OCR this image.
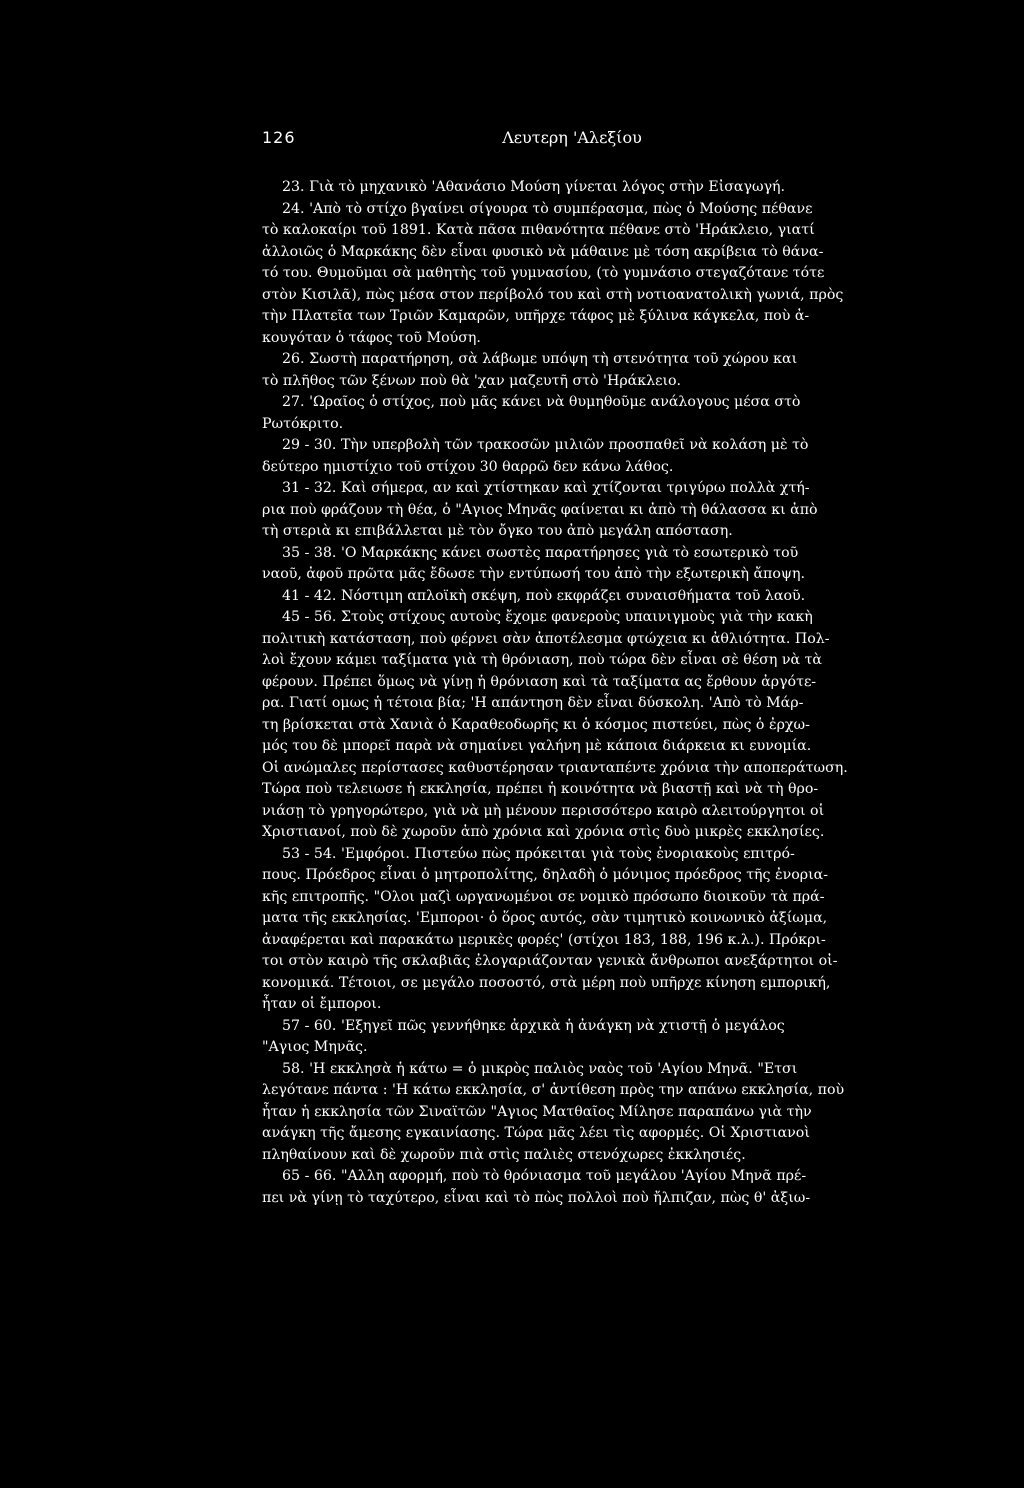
126	Λευτερη 'Αλεξίου
23. Γιὰ τὸ μηχανικὸ 'Αθανάσιο Μούση γίνεται λόγος στὴν Εἰσαγωγή.
24. 'Απὸ τὸ στίχο βγαίνει σίγουρα τὸ συμπέρασμα, πὼς ὁ Μούσης πέθανε
τὸ καλοκαίρι τοῦ 1891. Κατὰ πᾶσα πιθανότητα πέθανε στὸ 'Ηράκλειο, γιατί
ἀλλοιῶς ὁ Μαρκάκης δὲν εἶναι φυσικὸ νὰ μάθαινε μὲ τόση ακρίβεια τὸ θάνα-
τό του. Θυμοῦμαι σὰ μαθητὴς τοῦ γυμνασίου, (τὸ γυμνάσιο στεγαζότανε τότε
στὸν Κισιλᾶ), πὼς μέσα στον περίβολό του καὶ στὴ νοτιοανατολικὴ γωνιά, πρὸς
τὴν Πλατεῖα των Τριῶν Καμαρῶν, υπῆρχε τάφος μὲ ξύλινα κάγκελα, ποὺ ἀ-
κουγόταν ὁ τάφος τοῦ Μούση.
26. Σωστὴ παρατήρηση, σὰ λάβωμε υπόψη τὴ στενότητα τοῦ χώρου και
τὸ πλῆθος τῶν ξένων ποὺ θὰ 'χαν μαζευτῆ στὸ 'Ηράκλειο.
27. 'Ωραῖος ὁ στίχος, ποὺ μᾶς κάνει νὰ θυμηθοῦμε ανάλογους μέσα στὸ
Ρωτόκριτο.
29 - 30. Τὴν υπερβολὴ τῶν τρακοσῶν μιλιῶν προσπαθεῖ νὰ κολάση μὲ τὸ
δεύτερο ημιστίχιο τοῦ στίχου 30 θαρρῶ δεν κάνω λάθος.
31 - 32. Καὶ σήμερα, αν καὶ χτίστηκαν καὶ χτίζονται τριγύρω πολλὰ χτή-
ρια ποὺ φράζουν τὴ θέα, ὁ "Αγιος Μηνᾶς φαίνεται κι ἀπὸ τὴ θάλασσα κι ἀπὸ
τὴ στεριὰ κι επιβάλλεται μὲ τὸν ὄγκο του ἀπὸ μεγάλη απόσταση.
35 - 38. 'Ο Μαρκάκης κάνει σωστὲς παρατήρησες γιὰ τὸ εσωτερικὸ τοῦ
ναοῦ, ἀφοῦ πρῶτα μᾶς ἔδωσε τὴν εντύπωσή του ἀπὸ τὴν εξωτερικὴ ἄποψη.
41 - 42. Νόστιμη απλοϊκὴ σκέψη, ποὺ εκφράζει συναισθήματα τοῦ λαοῦ.
45 - 56. Στοὺς στίχους αυτοὺς ἔχομε φανεροὺς υπαινιγμοὺς γιὰ τὴν κακὴ
πολιτικὴ κατάσταση, ποὺ φέρνει σὰν ἀποτέλεσμα φτώχεια κι ἀθλιότητα. Πολ-
λοὶ ἔχουν κάμει ταξίματα γιὰ τὴ θρόνιαση, ποὺ τώρα δὲν εἶναι σὲ θέση νὰ τὰ
φέρουν. Πρέπει ὅμως νὰ γίνῃ ἡ θρόνιαση καὶ τὰ ταξίματα ας ἔρθουν ἀργότε-
ρα. Γιατί ομως ἡ τέτοια βία; 'Η απάντηση δὲν εἶναι δύσκολη. 'Απὸ τὸ Μάρ-
τη βρίσκεται στὰ Χανιὰ ὁ Καραθεοδωρῆς κι ὁ κόσμος πιστεύει, πὼς ὁ ἐρχω-
μός του δὲ μπορεῖ παρὰ νὰ σημαίνει γαλήνη μὲ κάποια διάρκεια κι ευνομία.
Οἱ ανώμαλες περίστασες καθυστέρησαν τριανταπέντε χρόνια τὴν αποπεράτωση.
Τώρα ποὺ τελειωσε ἡ εκκλησία, πρέπει ἡ κοινότητα νὰ βιαστῇ καὶ νὰ τὴ θρο-
νιάσῃ τὸ γρηγορώτερο, γιὰ νὰ μὴ μένουν περισσότερο καιρὸ αλειτούργητοι οἱ
Χριστιανοί, ποὺ δὲ χωροῦν ἀπὸ χρόνια καὶ χρόνια στὶς δυὸ μικρὲς εκκλησίες.
53 - 54. 'Εμφόροι. Πιστεύω πὼς πρόκειται γιὰ τοὺς ἐνοριακοὺς επιτρό-
πους. Πρόεδρος εἶναι ὁ μητροπολίτης, δηλαδὴ ὁ μόνιμος πρόεδρος τῆς ἐνορια-
κῆς επιτροπῆς. "Ολοι μαζὶ ωργανωμένοι σε νομικὸ πρόσωπο διοικοῦν τὰ πρά-
ματα τῆς εκκλησίας. 'Εμποροι· ὁ ὅρος αυτός, σὰν τιμητικὸ κοινωνικὸ ἀξίωμα,
ἀναφέρεται καὶ παρακάτω μερικὲς φορές' (στίχοι 183, 188, 196 κ.λ.). Πρόκρι-
τοι στὸν καιρὸ τῆς σκλαβιᾶς ἐλογαριάζονταν γενικὰ ἄνθρωποι ανεξάρτητοι οἰ-
κονομικά. Τέτοιοι, σε μεγάλο ποσοστό, στὰ μέρη ποὺ υπῆρχε κίνηση εμπορική,
ἦταν οἱ ἔμποροι.
57 - 60. 'Εξηγεῖ πῶς γεννήθηκε ἀρχικὰ ἡ ἀνάγκη νὰ χτιστῇ ὁ μεγάλος
"Αγιος Μηνᾶς.
58. 'Η εκκλησὰ ἡ κάτω = ὁ μικρὸς παλιὸς ναὸς τοῦ 'Αγίου Μηνᾶ. "Ετσι
λεγότανε πάντα : 'Η κάτω εκκλησία, σ' ἀντίθεση πρὸς την απάνω εκκλησία, ποὺ
ἦταν ἡ εκκλησία τῶν Σιναϊτῶν "Αγιος Ματθαῖος Μίλησε παραπάνω γιὰ τὴν
ανάγκη τῆς ἄμεσης εγκαινίασης. Τώρα μᾶς λέει τὶς αφορμές. Οἱ Χριστιανοὶ
πληθαίνουν καὶ δὲ χωροῦν πιὰ στὶς παλιὲς στενόχωρες ἐκκλησιές.
65 - 66. "Αλλη αφορμή, ποὺ τὸ θρόνιασμα τοῦ μεγάλου 'Αγίου Μηνᾶ πρέ-
πει νὰ γίνῃ τὸ ταχύτερο, εἶναι καὶ τὸ πὼς πολλοὶ ποὺ ἤλπιζαν, πὼς θ' ἀξιω-
